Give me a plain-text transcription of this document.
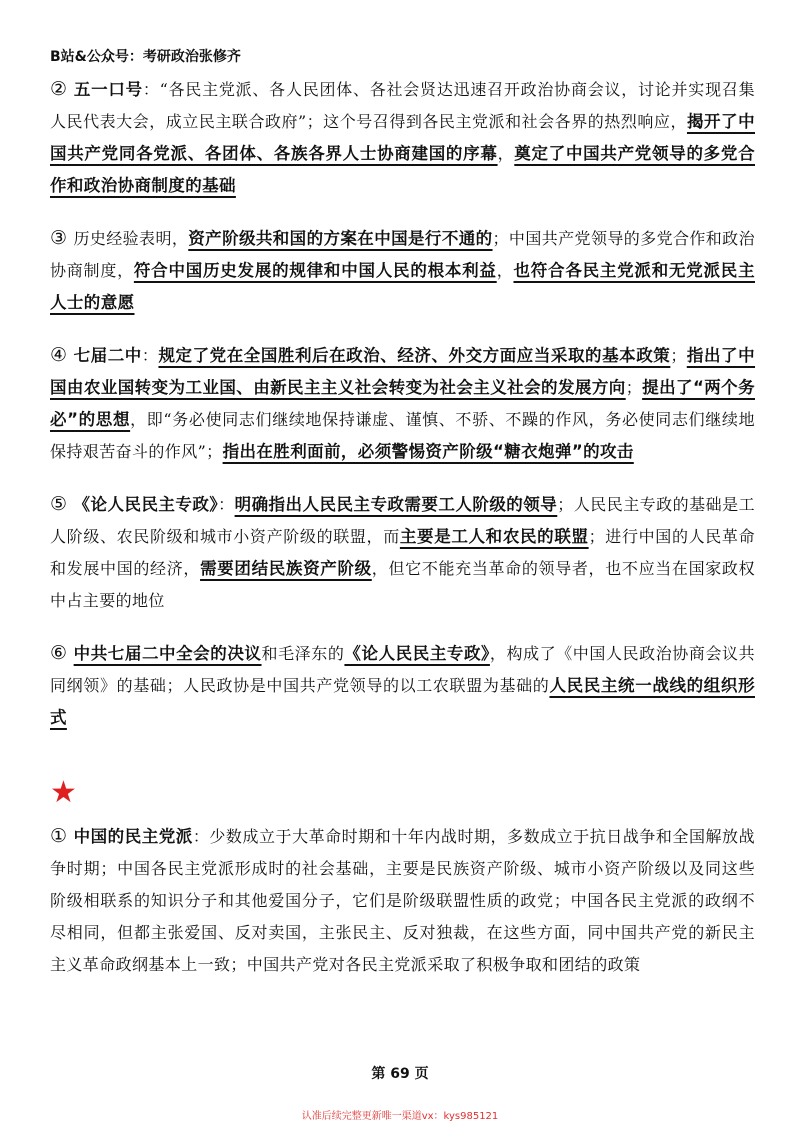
B站&公众号：考研政治张修齐
② 五一口号：“各民主党派、各人民团体、各社会贤达迅速召开政治协商会议，讨论并实现召集人民代表大会，成立民主联合政府”；这个号召得到各民主党派和社会各界的热烈响应，揭开了中国共产党同各党派、各团体、各族各界人士协商建国的序幕，奠定了中国共产党领导的多党合作和政治协商制度的基础
③ 历史经验表明，资产阶级共和国的方案在中国是行不通的；中国共产党领导的多党合作和政治协商制度，符合中国历史发展的规律和中国人民的根本利益，也符合各民主党派和无党派民主人士的意愿
④ 七届二中：规定了党在全国胜利后在政治、经济、外交方面应当采取的基本政策；指出了中国由农业国转变为工业国、由新民主主义社会转变为社会主义社会的发展方向；提出了“两个务必”的思想，即“务必使同志们继续地保持谦虚、谨慎、不骄、不躁的作风，务必使同志们继续地保持艰苦奋斗的作风”；指出在胜利面前，必须警惕资产阶级“糖衣炮弹”的攻击
⑤ 《论人民民主专政》：明确指出人民民主专政需要工人阶级的领导；人民民主专政的基础是工人阶级、农民阶级和城市小资产阶级的联盟，而主要是工人和农民的联盟；进行中国的人民革命和发展中国的经济，需要团结民族资产阶级，但它不能充当革命的领导者，也不应当在国家政权中占主要的地位
⑥ 中共七届二中全会的决议和毛泽东的《论人民民主专政》，构成了《中国人民政治协商会议共同纲领》的基础；人民政协是中国共产党领导的以工农联盟为基础的人民民主统一战线的组织形式
★
① 中国的民主党派：少数成立于大革命时期和十年内战时期，多数成立于抗日战争和全国解放战争时期；中国各民主党派形成时的社会基础，主要是民族资产阶级、城市小资产阶级以及同这些阶级相联系的知识分子和其他爱国分子，它们是阶级联盟性质的政党；中国各民主党派的政纲不尽相同，但都主张爱国、反对卖国，主张民主、反对独裁，在这些方面，同中国共产党的新民主主义革命政纲基本上一致；中国共产党对各民主党派采取了积极争取和团结的政策
第 69 页
认准后续完整更新唯一渠道vx：kys985121
